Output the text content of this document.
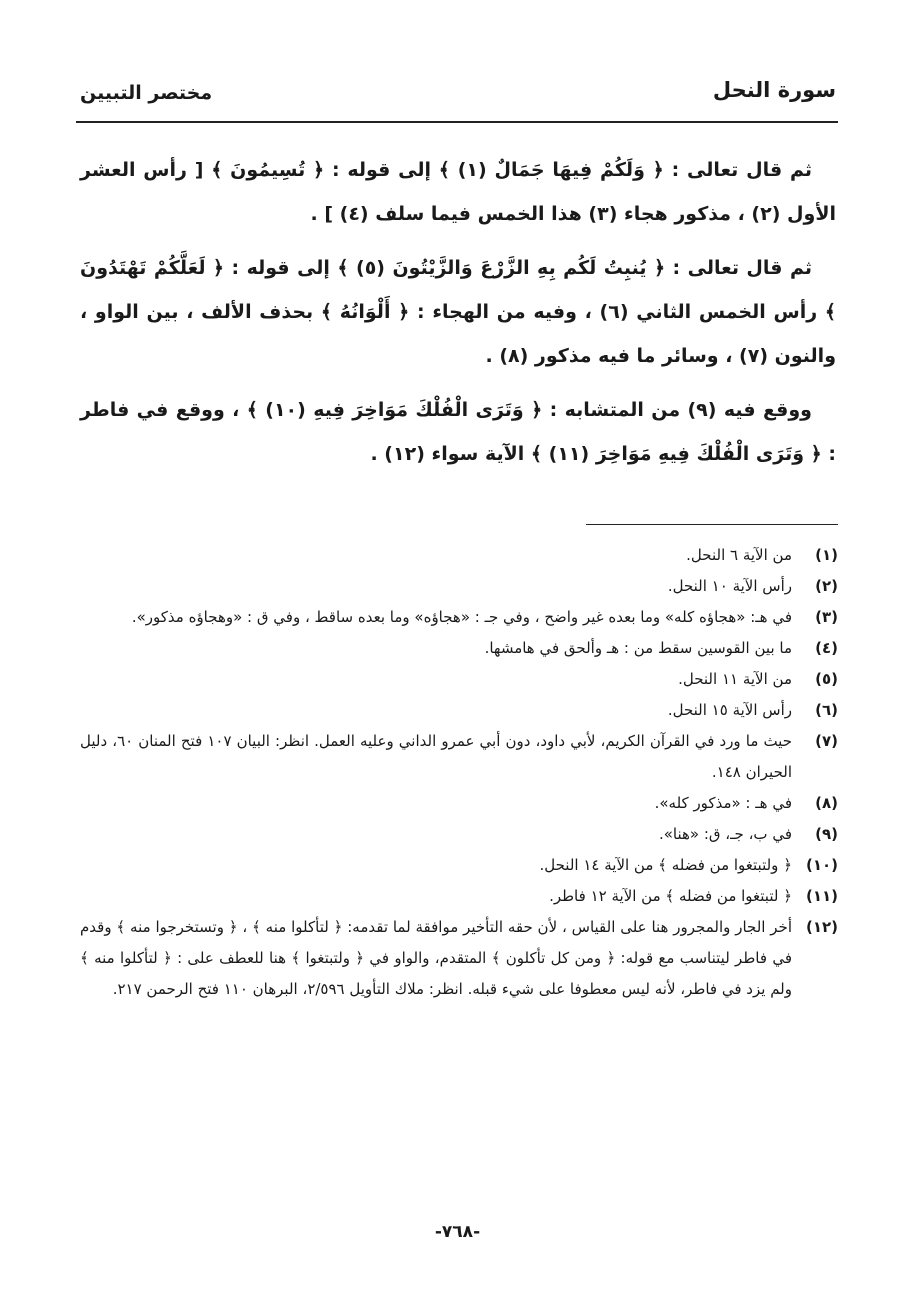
سورة النحل
مختصر التبيين

ثم قال تعالى : ﴿ وَلَكُمْ فِيهَا جَمَالٌ (١) ﴾ إلى قوله : ﴿ تُسِيمُونَ ﴾ [ رأس العشر الأول (٢) ، مذكور هجاء (٣) هذا الخمس فيما سلف (٤) ] .

ثم قال تعالى : ﴿ يُنبِتُ لَكُم بِهِ الزَّرْعَ وَالزَّيْتُونَ (٥) ﴾ إلى قوله : ﴿ لَعَلَّكُمْ تَهْتَدُونَ ﴾ رأس الخمس الثاني (٦) ، وفيه من الهجاء : ﴿ أَلْوَانُهُ ﴾ بحذف الألف ، بين الواو ، والنون (٧) ، وسائر ما فيه مذكور (٨) .

ووقع فيه (٩) من المتشابه : ﴿ وَتَرَى الْفُلْكَ مَوَاخِرَ فِيهِ (١٠) ﴾ ، ووقع في فاطر : ﴿ وَتَرَى الْفُلْكَ فِيهِ مَوَاخِرَ (١١) ﴾ الآية سواء (١٢) .

(١)
من الآية ٦ النحل.
(٢)
رأس الآية ١٠ النحل.
(٣)
في هـ: «هجاؤه كله» وما بعده غير واضح ، وفي جـ : «هجاؤه» وما بعده ساقط ، وفي ق : «وهجاؤه مذكور».
(٤)
ما بين القوسين سقط من : هـ وألحق في هامشها.
(٥)
من الآية ١١ النحل.
(٦)
رأس الآية ١٥ النحل.
(٧)
حيث ما ورد في القرآن الكريم، لأبي داود، دون أبي عمرو الداني وعليه العمل. انظر: البيان ١٠٧ فتح المنان ٦٠، دليل الحيران ١٤٨.
(٨)
في هـ : «مذكور كله».
(٩)
في ب، جـ، ق: «هنا».
(١٠)
﴿ ولتبتغوا من فضله ﴾ من الآية ١٤ النحل.
(١١)
﴿ لتبتغوا من فضله ﴾ من الآية ١٢ فاطر.
(١٢)
أخر الجار والمجرور هنا على القياس ، لأن حقه التأخير موافقة لما تقدمه: ﴿ لتأكلوا منه ﴾ ، ﴿ وتستخرجوا منه ﴾ وقدم في فاطر ليتناسب مع قوله: ﴿ ومن كل تأكلون ﴾ المتقدم، والواو في ﴿ ولتبتغوا ﴾ هنا للعطف على : ﴿ لتأكلوا منه ﴾ ولم يزد في فاطر، لأنه ليس معطوفا على شيء قبله. انظر: ملاك التأويل ٢/٥٩٦، البرهان ١١٠ فتح الرحمن ٢١٧.
-٧٦٨-
